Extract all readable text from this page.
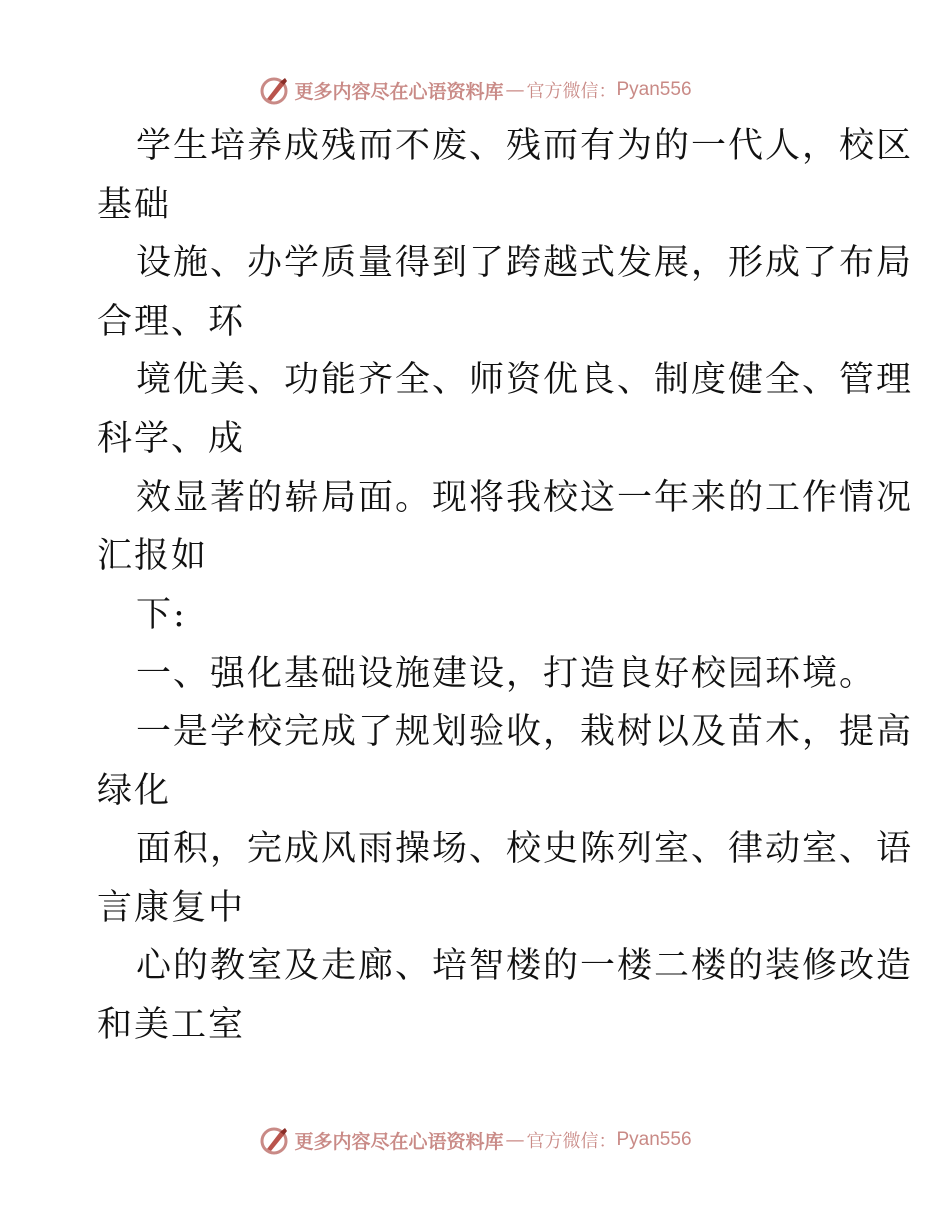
更多内容尽在心语资料库 — 官方微信： Pyan556
学生培养成残而不废、残而有为的一代人，校区
基础
设施、办学质量得到了跨越式发展，形成了布局
合理、环
境优美、功能齐全、师资优良、制度健全、管理
科学、成
效显著的崭局面。现将我校这一年来的工作情况
汇报如
下:
一、强化基础设施建设，打造良好校园环境。
一是学校完成了规划验收，栽树以及苗木，提高
绿化
面积，完成风雨操场、校史陈列室、律动室、语
言康复中
心的教室及走廊、培智楼的一楼二楼的装修改造
和美工室
更多内容尽在心语资料库 — 官方微信： Pyan556
